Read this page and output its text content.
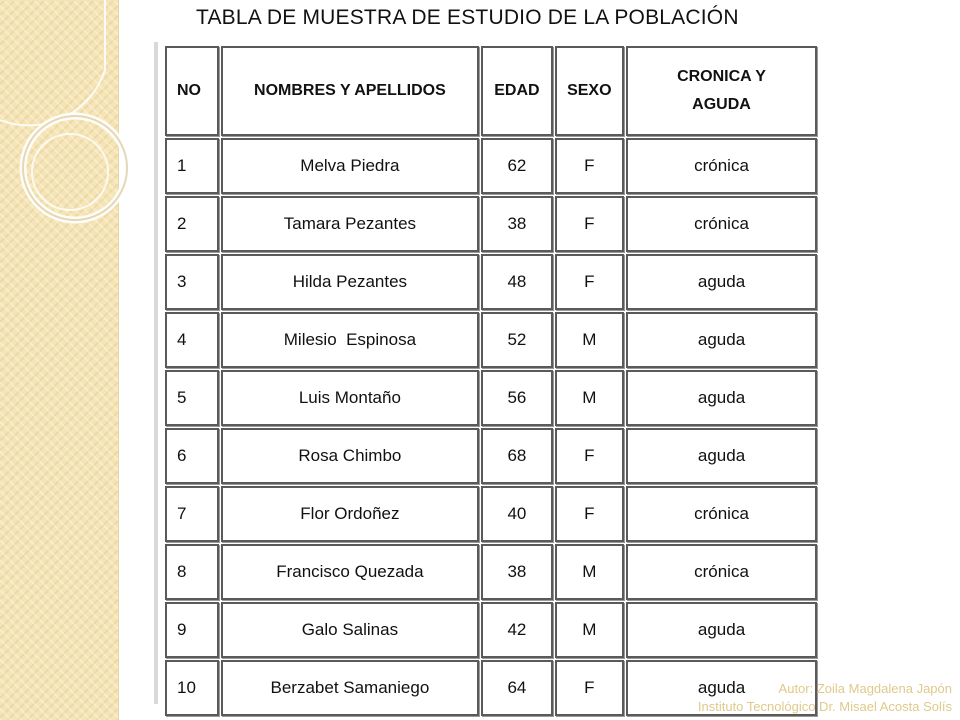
TABLA DE MUESTRA DE ESTUDIO DE LA POBLACIÓN
NO	NOMBRES Y APELLIDOS	EDAD	SEXO	CRONICA Y
AGUDA
1	Melva Piedra	62	F	crónica
2	Tamara Pezantes	38	F	crónica
3	Hilda Pezantes	48	F	aguda
4	Milesio  Espinosa	52	M	aguda
5	Luis Montaño	56	M	aguda
6	Rosa Chimbo	68	F	aguda
7	Flor Ordoñez	40	F	crónica
8	Francisco Quezada	38	M	crónica
9	Galo Salinas	42	M	aguda
10	Berzabet Samaniego	64	F	aguda	Autor: Zoila Magdalena Japón
Instituto Tecnológico Dr. Misael Acosta Solís
